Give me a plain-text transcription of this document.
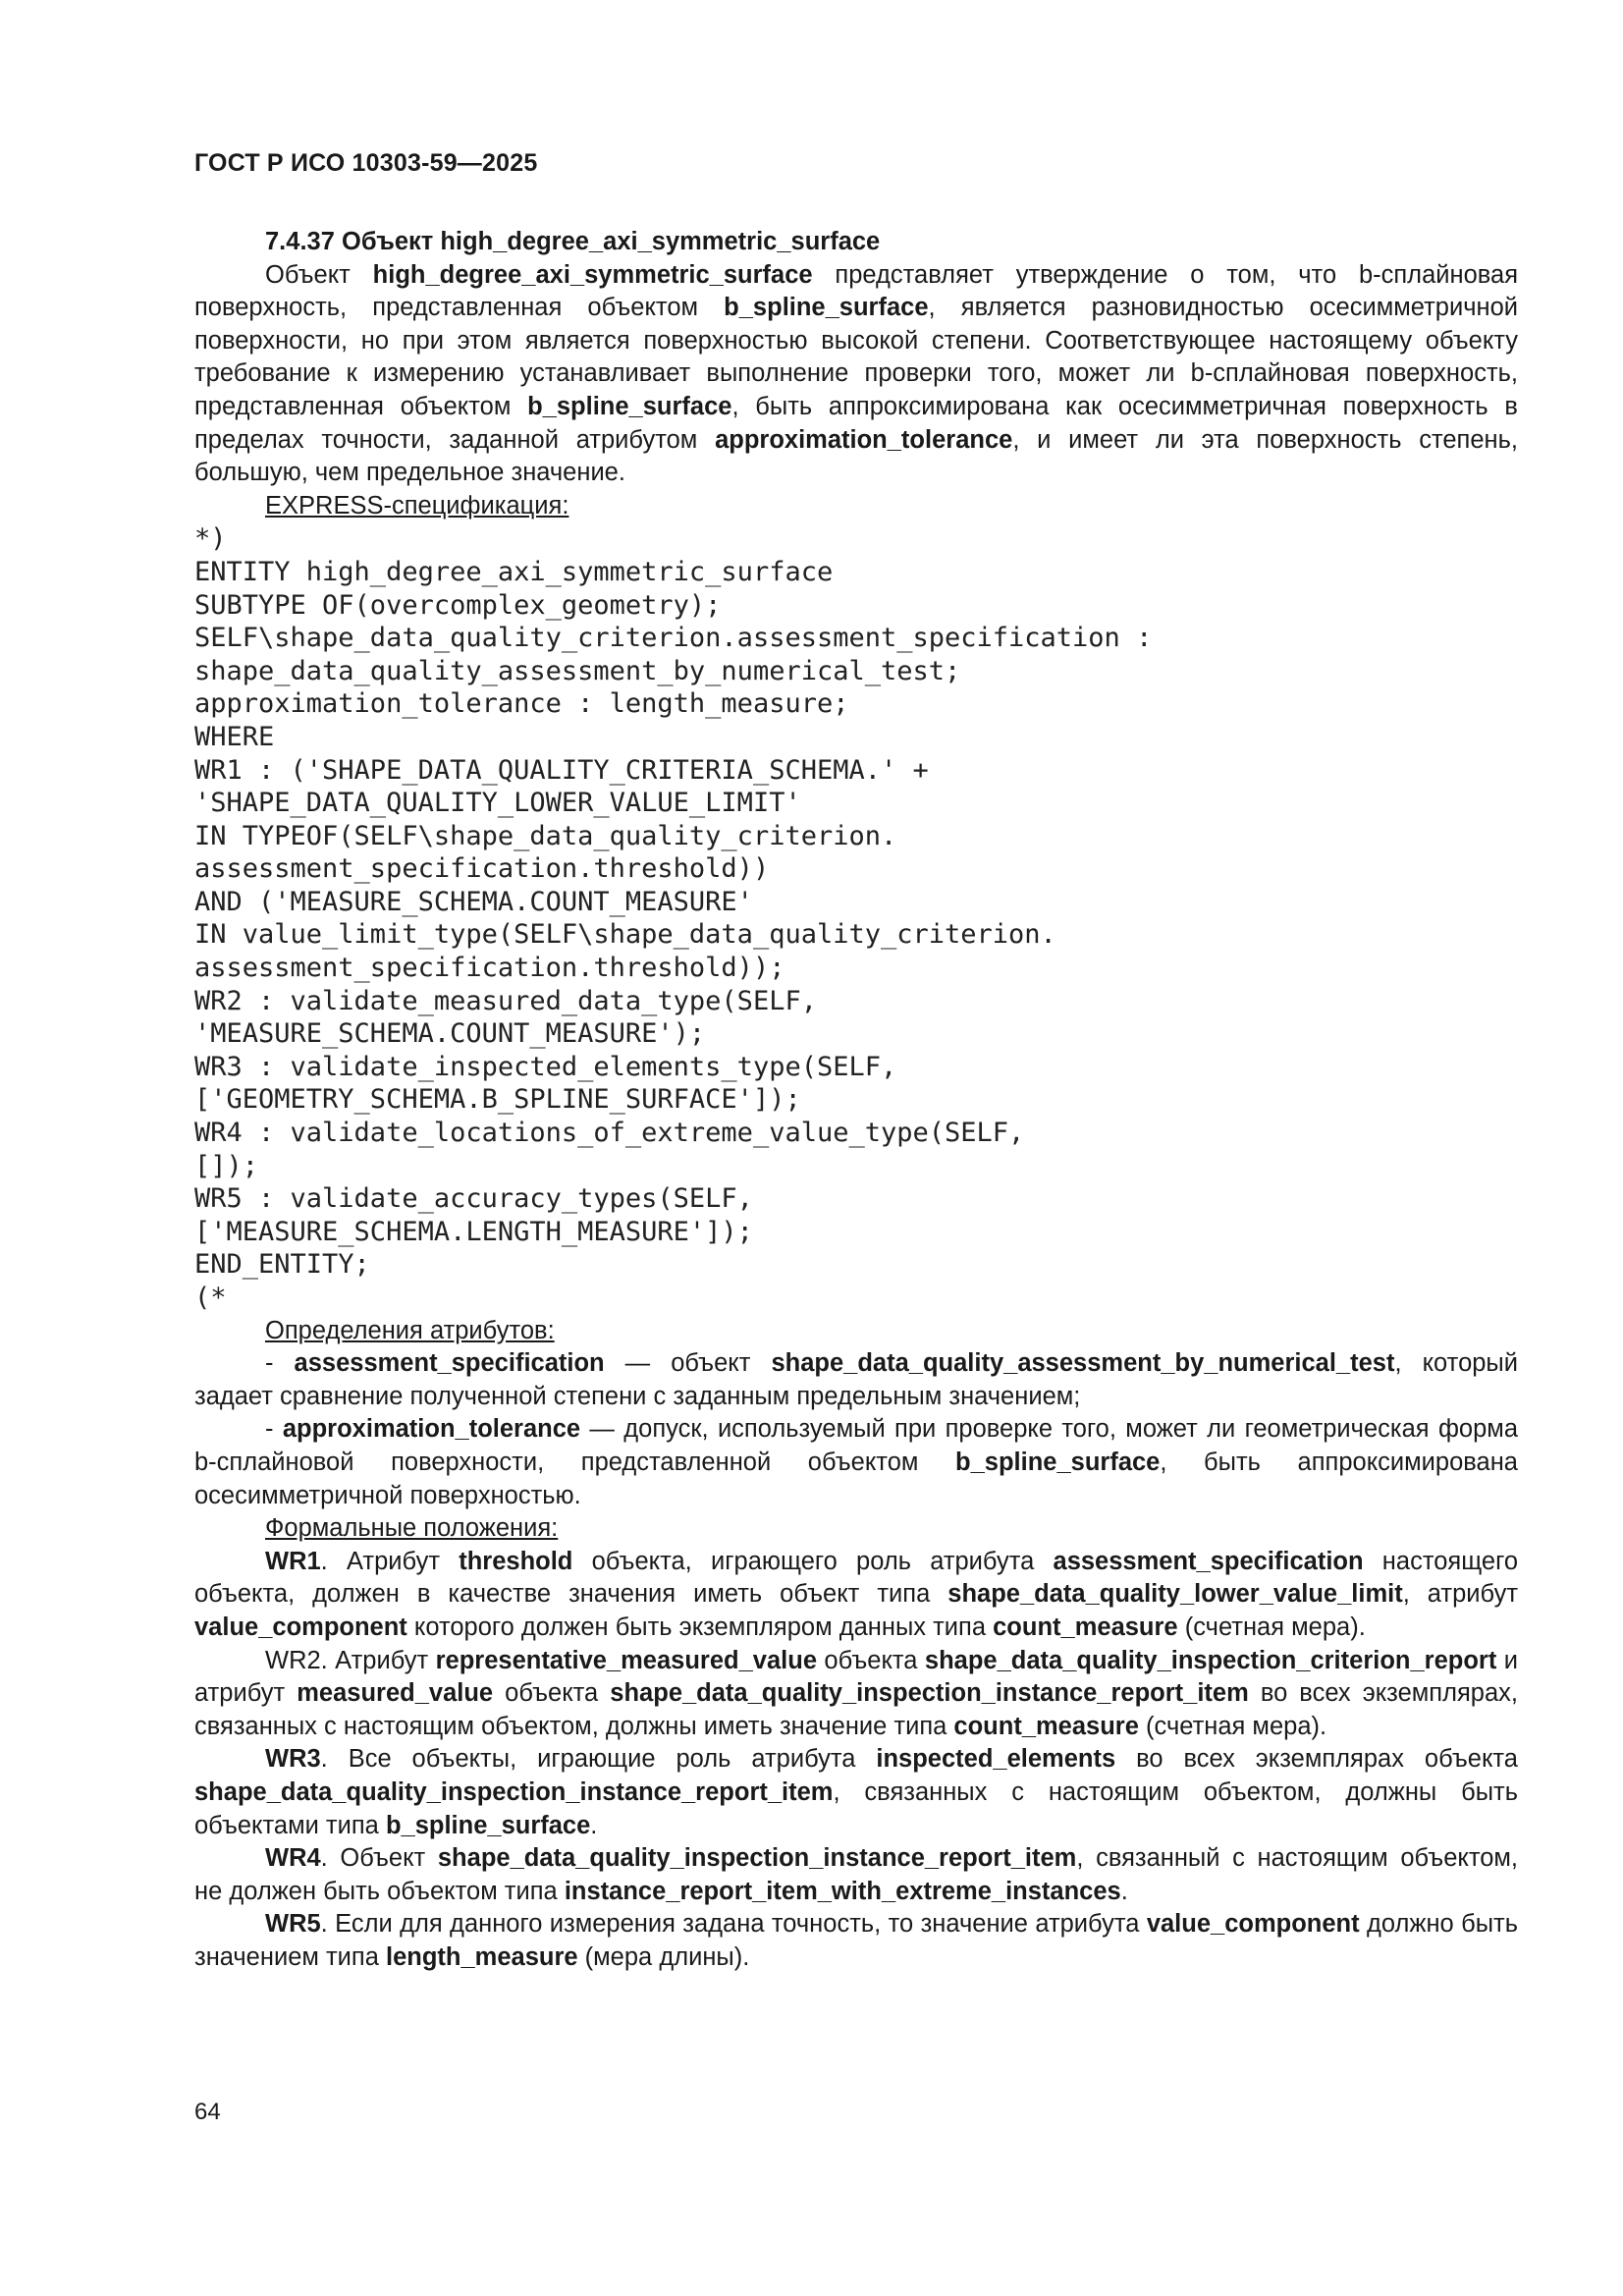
ГОСТ Р ИСО 10303-59—2025

7.4.37 Объект high_degree_axi_symmetric_surface

Объект high_degree_axi_symmetric_surface представляет утверждение о том, что b-сплайновая поверхность, представленная объектом b_spline_surface, является разновидностью осесимметричной поверхности, но при этом является поверхностью высокой степени. Соответствующее настоящему объекту требование к измерению устанавливает выполнение проверки того, может ли b-сплайновая поверхность, представленная объектом b_spline_surface, быть аппроксимирована как осесимметричная поверхность в пределах точности, заданной атрибутом approximation_tolerance, и имеет ли эта поверхность степень, большую, чем предельное значение.

EXPRESS-спецификация:

*)
ENTITY high_degree_axi_symmetric_surface
SUBTYPE OF(overcomplex_geometry);
SELF\shape_data_quality_criterion.assessment_specification :
shape_data_quality_assessment_by_numerical_test;
approximation_tolerance : length_measure;
WHERE
WR1 : ('SHAPE_DATA_QUALITY_CRITERIA_SCHEMA.' +
'SHAPE_DATA_QUALITY_LOWER_VALUE_LIMIT'
IN TYPEOF(SELF\shape_data_quality_criterion.
assessment_specification.threshold))
AND ('MEASURE_SCHEMA.COUNT_MEASURE'
IN value_limit_type(SELF\shape_data_quality_criterion.
assessment_specification.threshold));
WR2 : validate_measured_data_type(SELF,
'MEASURE_SCHEMA.COUNT_MEASURE');
WR3 : validate_inspected_elements_type(SELF,
['GEOMETRY_SCHEMA.B_SPLINE_SURFACE']);
WR4 : validate_locations_of_extreme_value_type(SELF,
[]);
WR5 : validate_accuracy_types(SELF,
['MEASURE_SCHEMA.LENGTH_MEASURE']);
END_ENTITY;
(*

Определения атрибутов:

- assessment_specification — объект shape_data_quality_assessment_by_numerical_test, который задает сравнение полученной степени с заданным предельным значением;

- approximation_tolerance — допуск, используемый при проверке того, может ли геометрическая форма b-сплайновой поверхности, представленной объектом b_spline_surface, быть аппроксимирована осесимметричной поверхностью.

Формальные положения:

WR1. Атрибут threshold объекта, играющего роль атрибута assessment_specification настоящего объекта, должен в качестве значения иметь объект типа shape_data_quality_lower_value_limit, атрибут value_component которого должен быть экземпляром данных типа count_measure (счетная мера).

WR2. Атрибут representative_measured_value объекта shape_data_quality_inspection_criterion_report и атрибут measured_value объекта shape_data_quality_inspection_instance_report_item во всех экземплярах, связанных с настоящим объектом, должны иметь значение типа count_measure (счетная мера).

WR3. Все объекты, играющие роль атрибута inspected_elements во всех экземплярах объекта shape_data_quality_inspection_instance_report_item, связанных с настоящим объектом, должны быть объектами типа b_spline_surface.

WR4. Объект shape_data_quality_inspection_instance_report_item, связанный с настоящим объектом, не должен быть объектом типа instance_report_item_with_extreme_instances.

WR5. Если для данного измерения задана точность, то значение атрибута value_component должно быть значением типа length_measure (мера длины).

64
